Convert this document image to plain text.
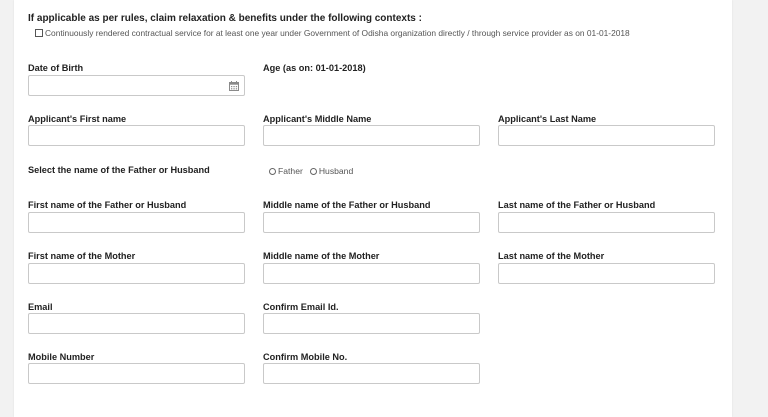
If applicable as per rules, claim relaxation & benefits under the following contexts :
Continuously rendered contractual service for at least one year under Government of Odisha organization directly / through service provider as on 01-01-2018
Date of Birth	Age (as on: 01-01-2018)
Applicant's First name	Applicant's Middle Name	Applicant's Last Name
Select the name of the Father or Husband	Father Husband
First name of the Father or Husband	Middle name of the Father or Husband	Last name of the Father or Husband
First name of the Mother	Middle name of the Mother	Last name of the Mother
Email	Confirm Email Id.
Mobile Number	Confirm Mobile No.
